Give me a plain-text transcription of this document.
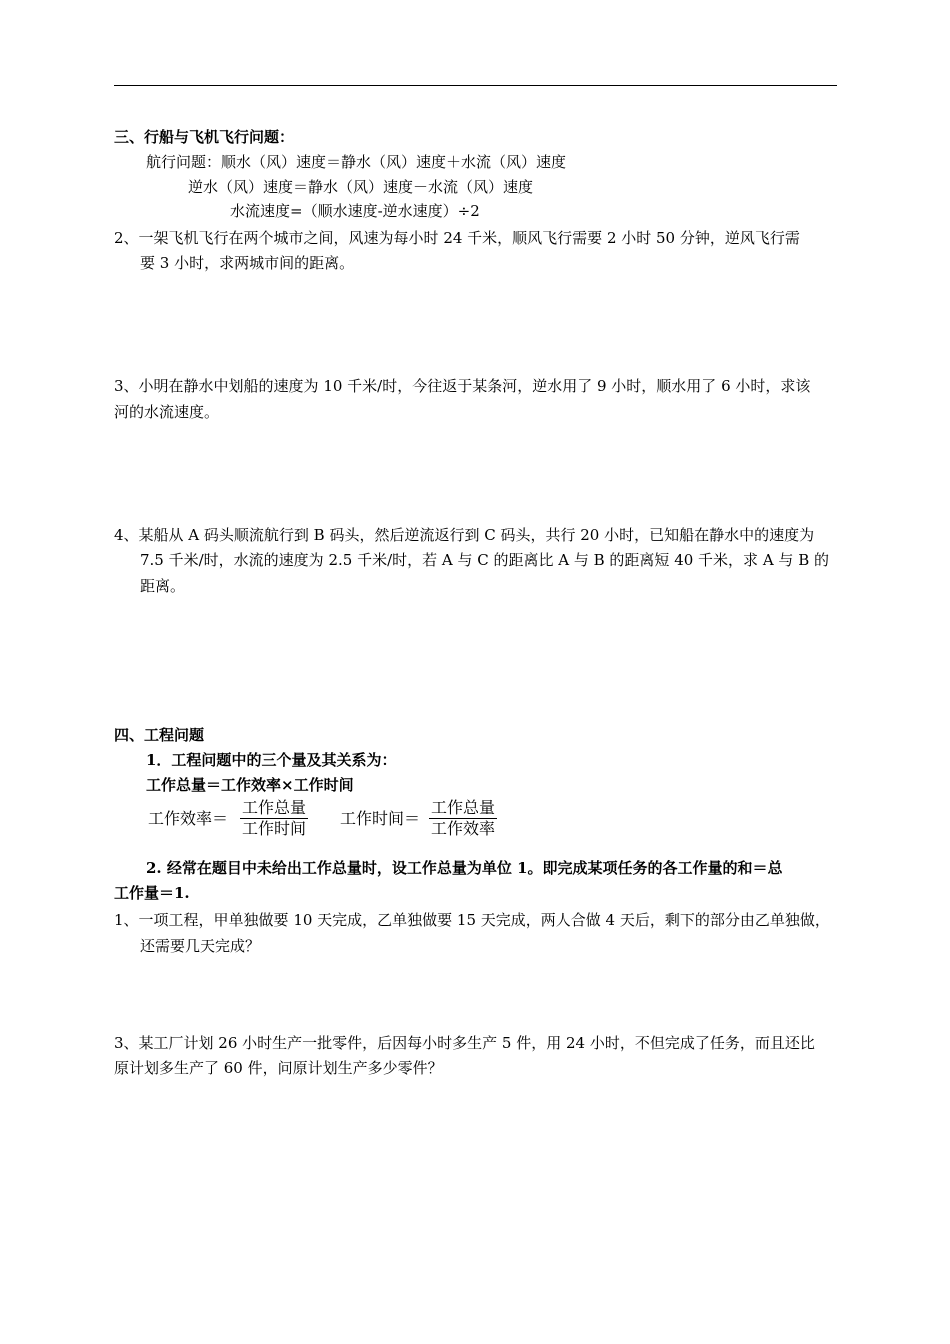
三、行船与飞机飞行问题：
航行问题：顺水（风）速度＝静水（风）速度＋水流（风）速度
逆水（风）速度＝静水（风）速度－水流（风）速度
水流速度=（顺水速度-逆水速度）÷2
2、一架飞机飞行在两个城市之间，风速为每小时 24 千米，顺风飞行需要 2 小时 50 分钟，逆风飞行需
要 3 小时，求两城市间的距离。
3、小明在静水中划船的速度为 10 千米/时，今往返于某条河，逆水用了 9 小时，顺水用了 6 小时，求该
河的水流速度。
4、某船从 A 码头顺流航行到 B 码头，然后逆流返行到 C 码头，共行 20 小时，已知船在静水中的速度为
7.5 千米/时，水流的速度为 2.5 千米/时，若 A 与 C 的距离比 A 与 B 的距离短 40 千米，求 A 与 B 的
距离。
四、工程问题
1．工程问题中的三个量及其关系为：
工作总量＝工作效率×工作时间
工作效率＝
工作总量
工作时间
工作时间＝
工作总量
工作效率
2. 经常在题目中未给出工作总量时，设工作总量为单位 1。即完成某项任务的各工作量的和＝总
工作量＝1.
1、一项工程，甲单独做要 10 天完成，乙单独做要 15 天完成，两人合做 4 天后，剩下的部分由乙单独做，
还需要几天完成？
3、某工厂计划 26 小时生产一批零件，后因每小时多生产 5 件，用 24 小时，不但完成了任务，而且还比
原计划多生产了 60 件，问原计划生产多少零件？
